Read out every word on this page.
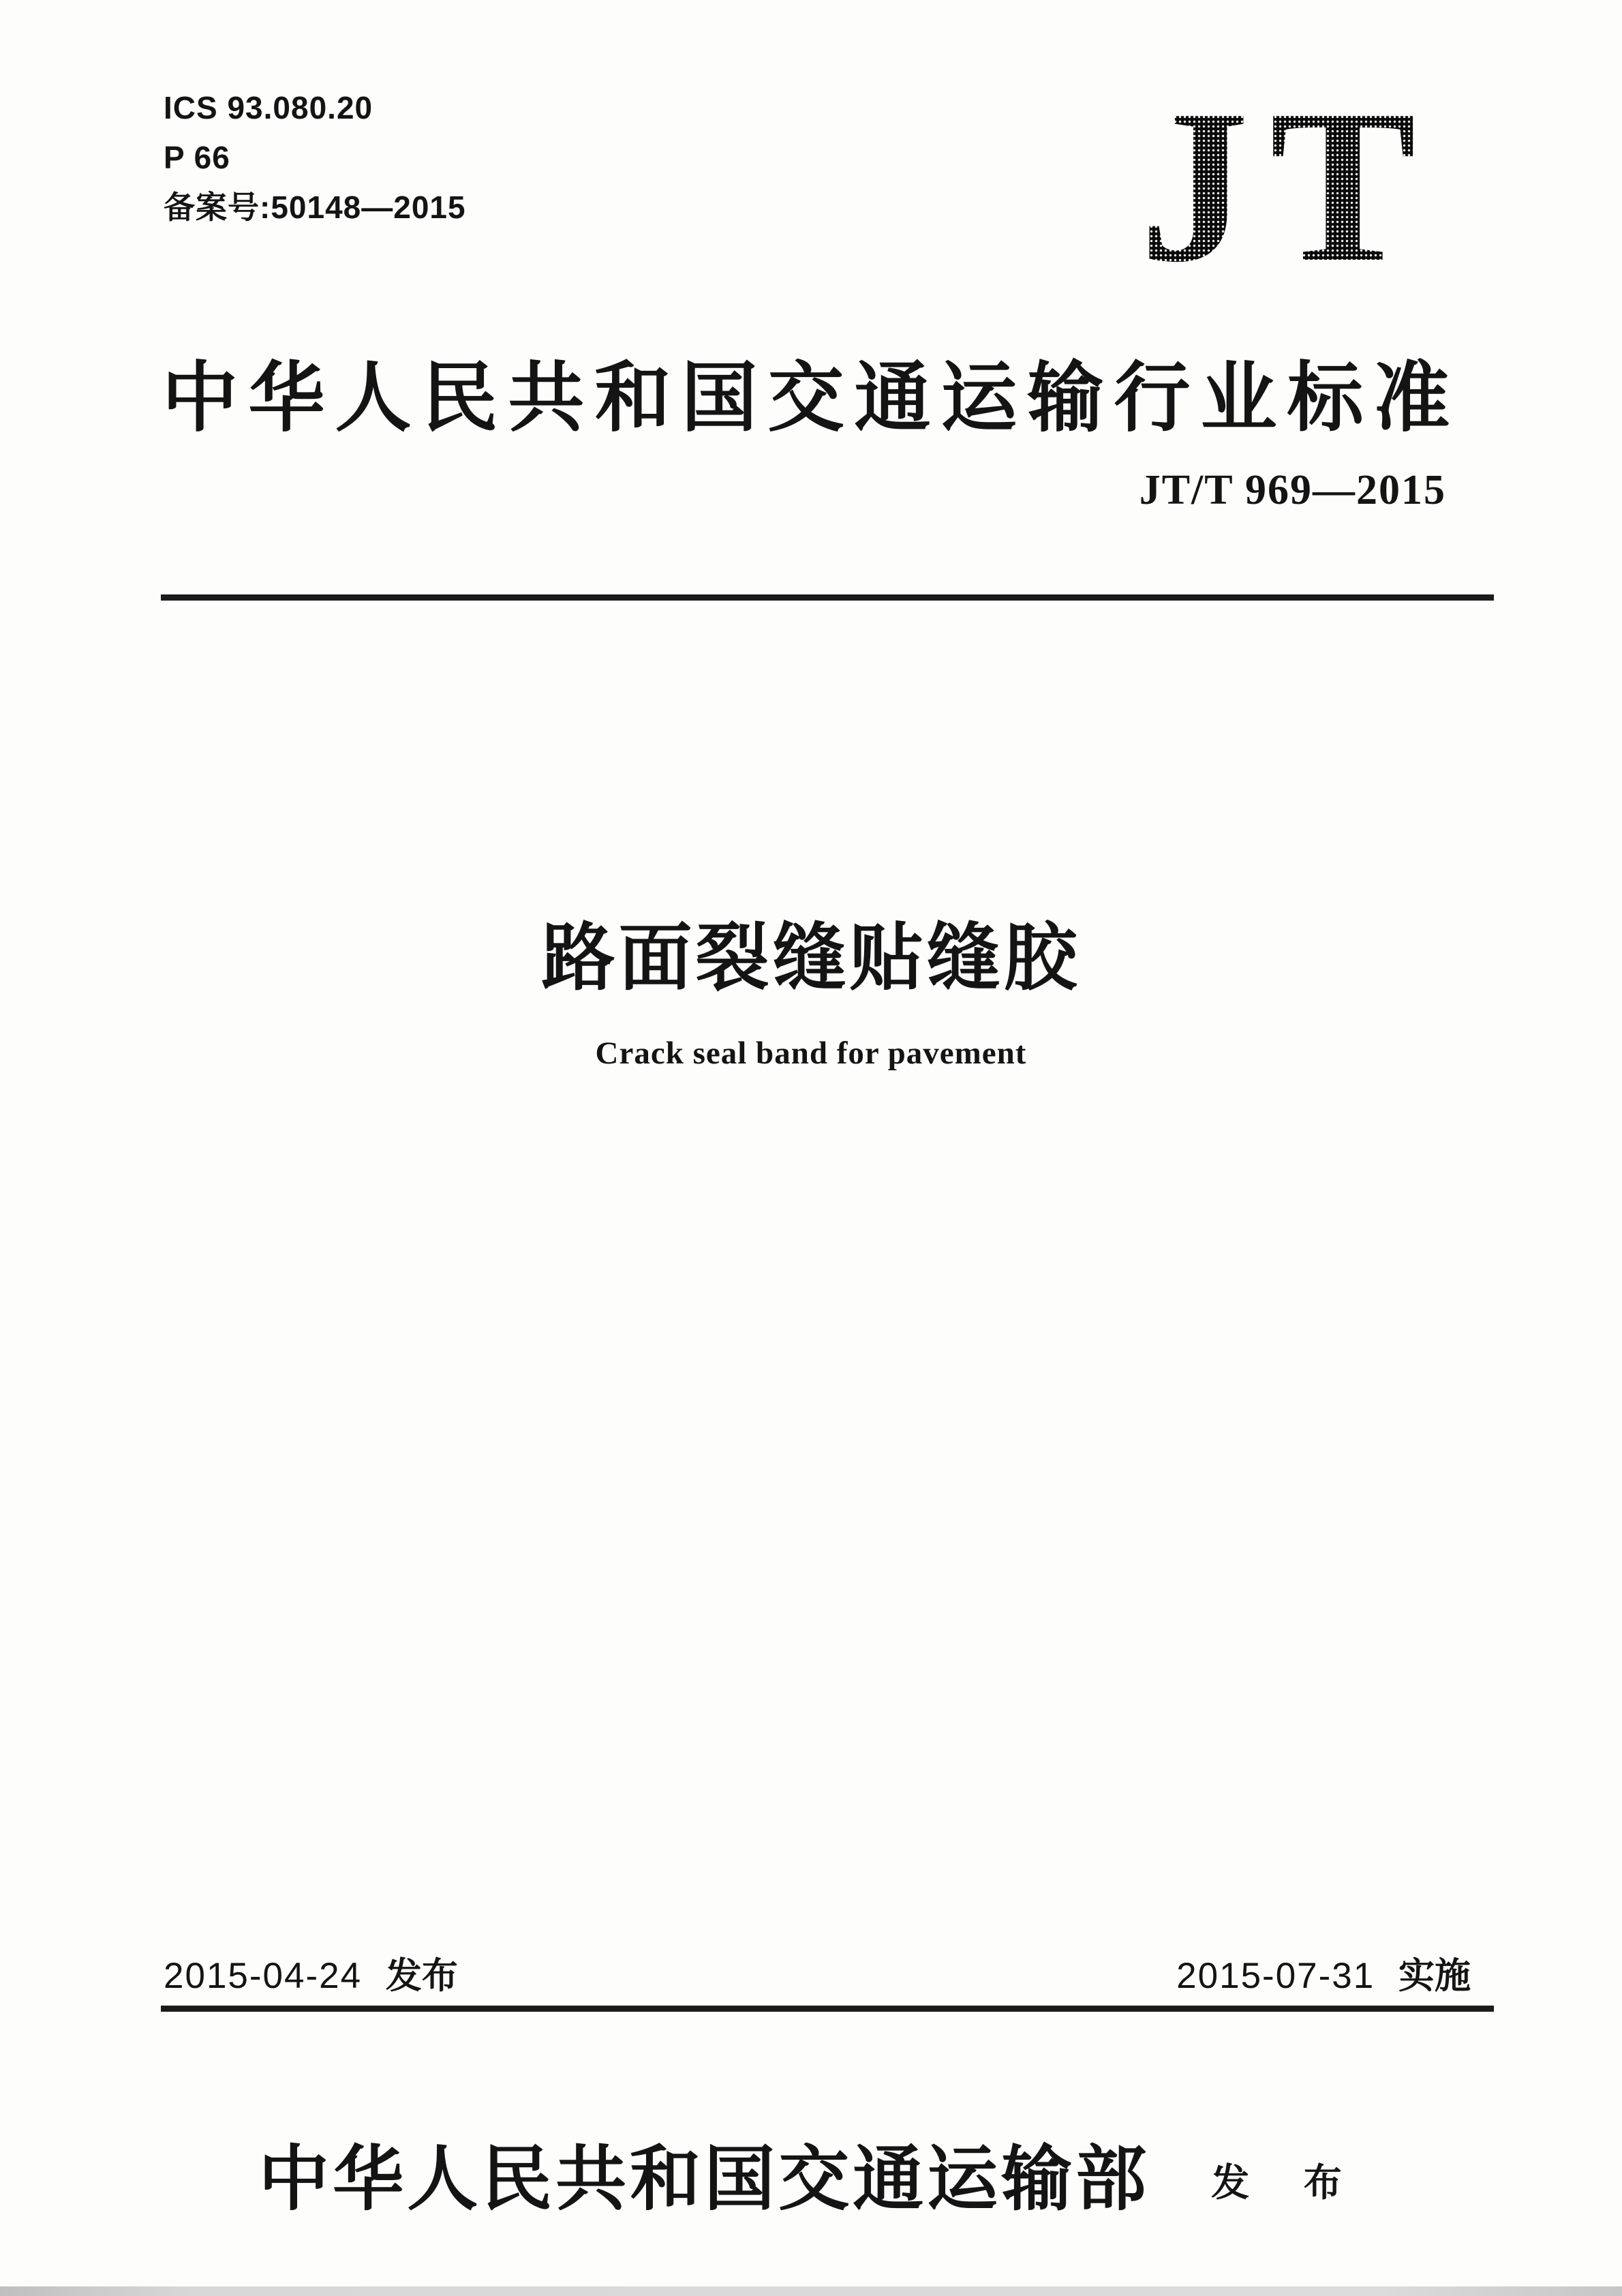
ICS 93.080.20
P 66
备案号:50148—2015	JT
中华人民共和国交通运输行业标准
JT/T 969—2015
路面裂缝贴缝胶
Crack seal band for pavement
2015-04-24 发布	2015-07-31 实施
中华人民共和国交通运输部 发 布
